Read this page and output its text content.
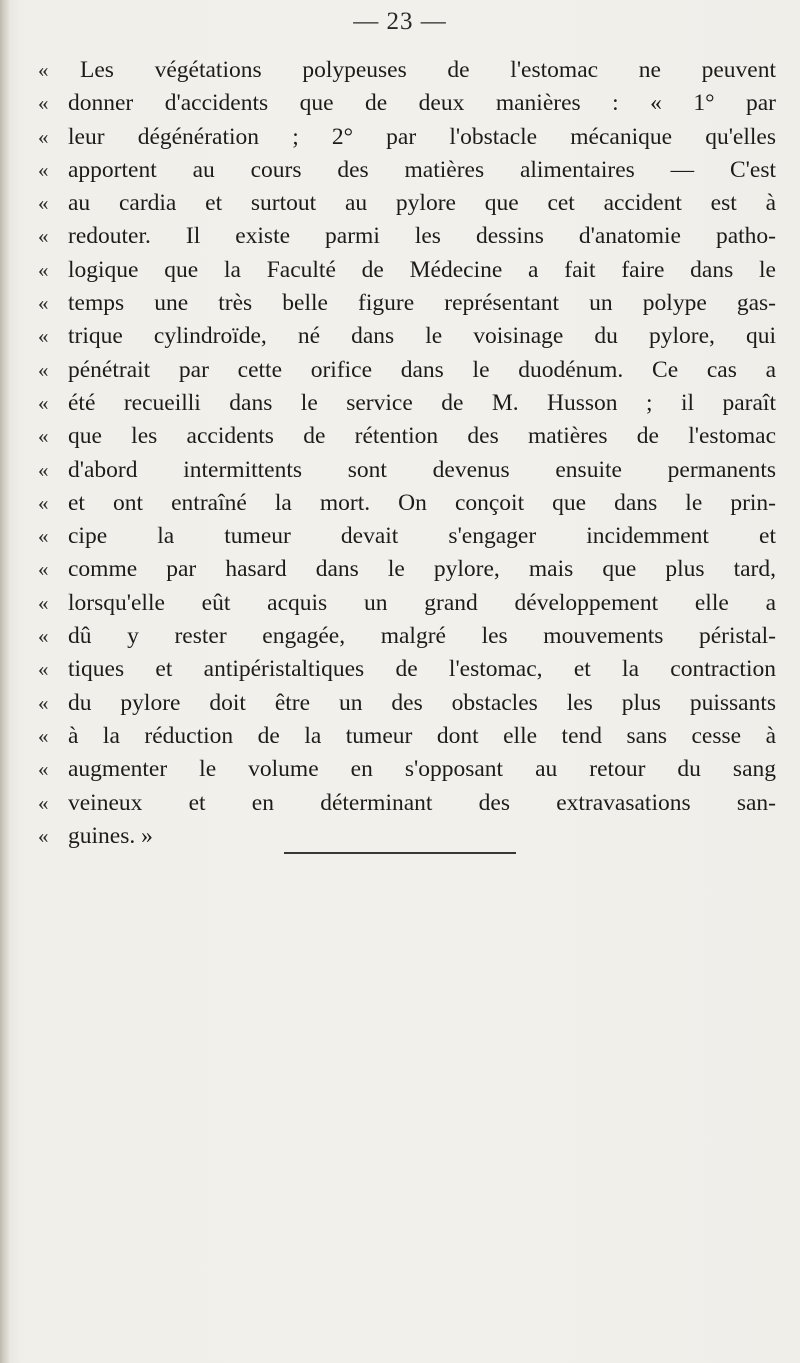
— 23 —
«	Les végétations polypeuses de l'estomac ne peuvent
« donner d'accidents que de deux manières : « 1° par
« leur dégénération ; 2° par l'obstacle mécanique qu'elles
« apportent au cours des matières alimentaires — C'est
« au cardia et surtout au pylore que cet accident est à
« redouter. Il existe parmi les dessins d'anatomie patho-
« logique que la Faculté de Médecine a fait faire dans le
« temps une très belle figure représentant un polype gas-
« trique cylindroïde, né dans le voisinage du pylore, qui
« pénétrait par cette orifice dans le duodénum. Ce cas a
« été recueilli dans le service de M. Husson ; il paraît
« que les accidents de rétention des matières de l'estomac
« d'abord intermittents sont devenus ensuite permanents
« et ont entraîné la mort. On conçoit que dans le prin-
« cipe la tumeur devait s'engager incidemment et
« comme par hasard dans le pylore, mais que plus tard,
« lorsqu'elle eût acquis un grand développement elle a
« dû y rester engagée, malgré les mouvements péristal-
« tiques et antipéristaltiques de l'estomac, et la contraction
« du pylore doit être un des obstacles les plus puissants
« à la réduction de la tumeur dont elle tend sans cesse à
« augmenter le volume en s'opposant au retour du sang
« veineux et en déterminant des extravasations san-
« guines. »
